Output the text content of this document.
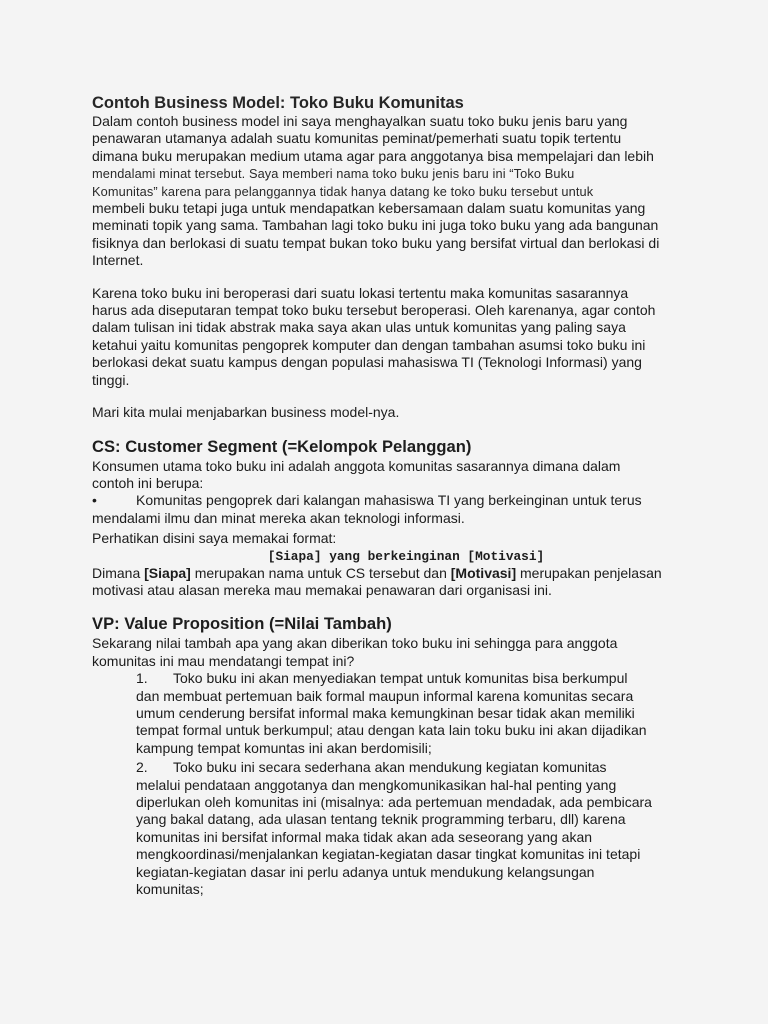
Contoh Business Model: Toko Buku Komunitas
Dalam contoh business model ini saya menghayalkan suatu toko buku jenis baru yang
penawaran utamanya adalah suatu komunitas peminat/pemerhati suatu topik tertentu
dimana buku merupakan medium utama agar para anggotanya bisa mempelajari dan lebih
mendalami minat tersebut. Saya memberi nama toko buku jenis baru ini “Toko Buku
Komunitas” karena para pelanggannya tidak hanya datang ke toko buku tersebut untuk
membeli buku tetapi juga untuk mendapatkan kebersamaan dalam suatu komunitas yang
meminati topik yang sama. Tambahan lagi toko buku ini juga toko buku yang ada bangunan
fisiknya dan berlokasi di suatu tempat bukan toko buku yang bersifat virtual dan berlokasi di
Internet.
Karena toko buku ini beroperasi dari suatu lokasi tertentu maka komunitas sasarannya
harus ada diseputaran tempat toko buku tersebut beroperasi. Oleh karenanya, agar contoh
dalam tulisan ini tidak abstrak maka saya akan ulas untuk komunitas yang paling saya
ketahui yaitu komunitas pengoprek komputer dan dengan tambahan asumsi toko buku ini
berlokasi dekat suatu kampus dengan populasi mahasiswa TI (Teknologi Informasi) yang
tinggi.
Mari kita mulai menjabarkan business model-nya.
CS: Customer Segment (=Kelompok Pelanggan)
Konsumen utama toko buku ini adalah anggota komunitas sasarannya dimana dalam
contoh ini berupa:
•	Komunitas pengoprek dari kalangan mahasiswa TI yang berkeinginan untuk terus
mendalami ilmu dan minat mereka akan teknologi informasi.
Perhatikan disini saya memakai format:
[Siapa] yang berkeinginan [Motivasi]
Dimana [Siapa] merupakan nama untuk CS tersebut dan [Motivasi] merupakan penjelasan
motivasi atau alasan mereka mau memakai penawaran dari organisasi ini.
VP: Value Proposition (=Nilai Tambah)
Sekarang nilai tambah apa yang akan diberikan toko buku ini sehingga para anggota
komunitas ini mau mendatangi tempat ini?
1. Toko buku ini akan menyediakan tempat untuk komunitas bisa berkumpul
dan membuat pertemuan baik formal maupun informal karena komunitas secara
umum cenderung bersifat informal maka kemungkinan besar tidak akan memiliki
tempat formal untuk berkumpul; atau dengan kata lain toku buku ini akan dijadikan
kampung tempat komuntas ini akan berdomisili;
2. Toko buku ini secara sederhana akan mendukung kegiatan komunitas
melalui pendataan anggotanya dan mengkomunikasikan hal-hal penting yang
diperlukan oleh komunitas ini (misalnya: ada pertemuan mendadak, ada pembicara
yang bakal datang, ada ulasan tentang teknik programming terbaru, dll) karena
komunitas ini bersifat informal maka tidak akan ada seseorang yang akan
mengkoordinasi/menjalankan kegiatan-kegiatan dasar tingkat komunitas ini tetapi
kegiatan-kegiatan dasar ini perlu adanya untuk mendukung kelangsungan
komunitas;
